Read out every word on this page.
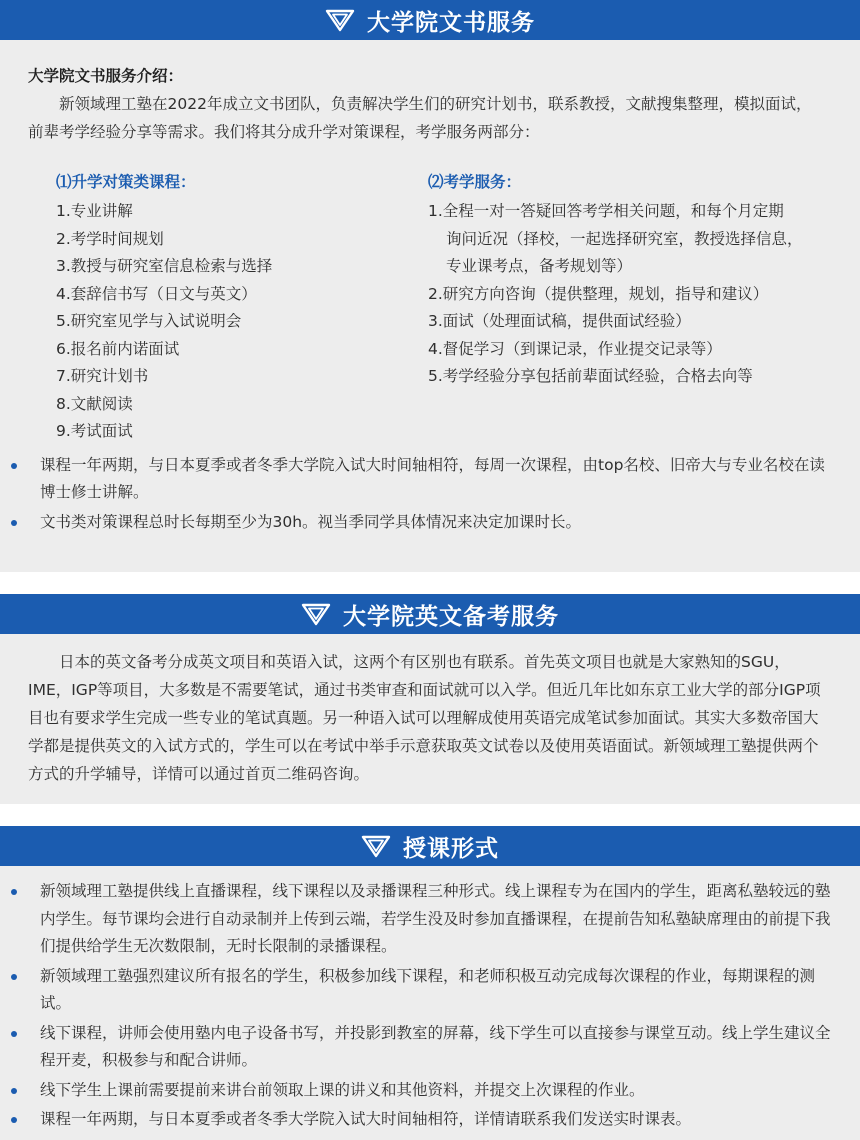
大学院文书服务
大学院文书服务介绍：

新领域理工塾在2022年成立文书团队，负责解决学生们的研究计划书，联系教授，文献搜集整理，模拟面试，前辈考学经验分享等需求。我们将其分成升学对策课程，考学服务两部分：

⑴升学对策类课程：
1.专业讲解
2.考学时间规划
3.教授与研究室信息检索与选择
4.套辞信书写（日文与英文）
5.研究室见学与入试说明会
6.报名前内诺面试
7.研究计划书
8.文献阅读
9.考试面试
⑵考学服务：
1.全程一对一答疑回答考学相关问题，和每个月定期
询问近况（择校，一起选择研究室，教授选择信息，
专业课考点，备考规划等）
2.研究方向咨询（提供整理，规划，指导和建议）
3.面试（处理面试稿，提供面试经验）
4.督促学习（到课记录，作业提交记录等）
5.考学经验分享包括前辈面试经验，合格去向等
课程一年两期，与日本夏季或者冬季大学院入试大时间轴相符，每周一次课程，由top名校、旧帝大与专业名校在读博士修士讲解。
文书类对策课程总时长每期至少为30h。视当季同学具体情况来决定加课时长。
大学院英文备考服务

日本的英文备考分成英文项目和英语入试，这两个有区别也有联系。首先英文项目也就是大家熟知的SGU，IME，IGP等项目，大多数是不需要笔试，通过书类审查和面试就可以入学。但近几年比如东京工业大学的部分IGP项目也有要求学生完成一些专业的笔试真题。另一种语入试可以理解成使用英语完成笔试参加面试。其实大多数帝国大学都是提供英文的入试方式的，学生可以在考试中举手示意获取英文试卷以及使用英语面试。新领域理工塾提供两个方式的升学辅导，详情可以通过首页二维码咨询。

授课形式
新领域理工塾提供线上直播课程，线下课程以及录播课程三种形式。线上课程专为在国内的学生，距离私塾较远的塾内学生。每节课均会进行自动录制并上传到云端，若学生没及时参加直播课程，在提前告知私塾缺席理由的前提下我们提供给学生无次数限制，无时长限制的录播课程。
新领域理工塾强烈建议所有报名的学生，积极参加线下课程，和老师积极互动完成每次课程的作业，每期课程的测试。
线下课程，讲师会使用塾内电子设备书写，并投影到教室的屏幕，线下学生可以直接参与课堂互动。线上学生建议全程开麦，积极参与和配合讲师。
线下学生上课前需要提前来讲台前领取上课的讲义和其他资料，并提交上次课程的作业。
课程一年两期，与日本夏季或者冬季大学院入试大时间轴相符，详情请联系我们发送实时课表。
